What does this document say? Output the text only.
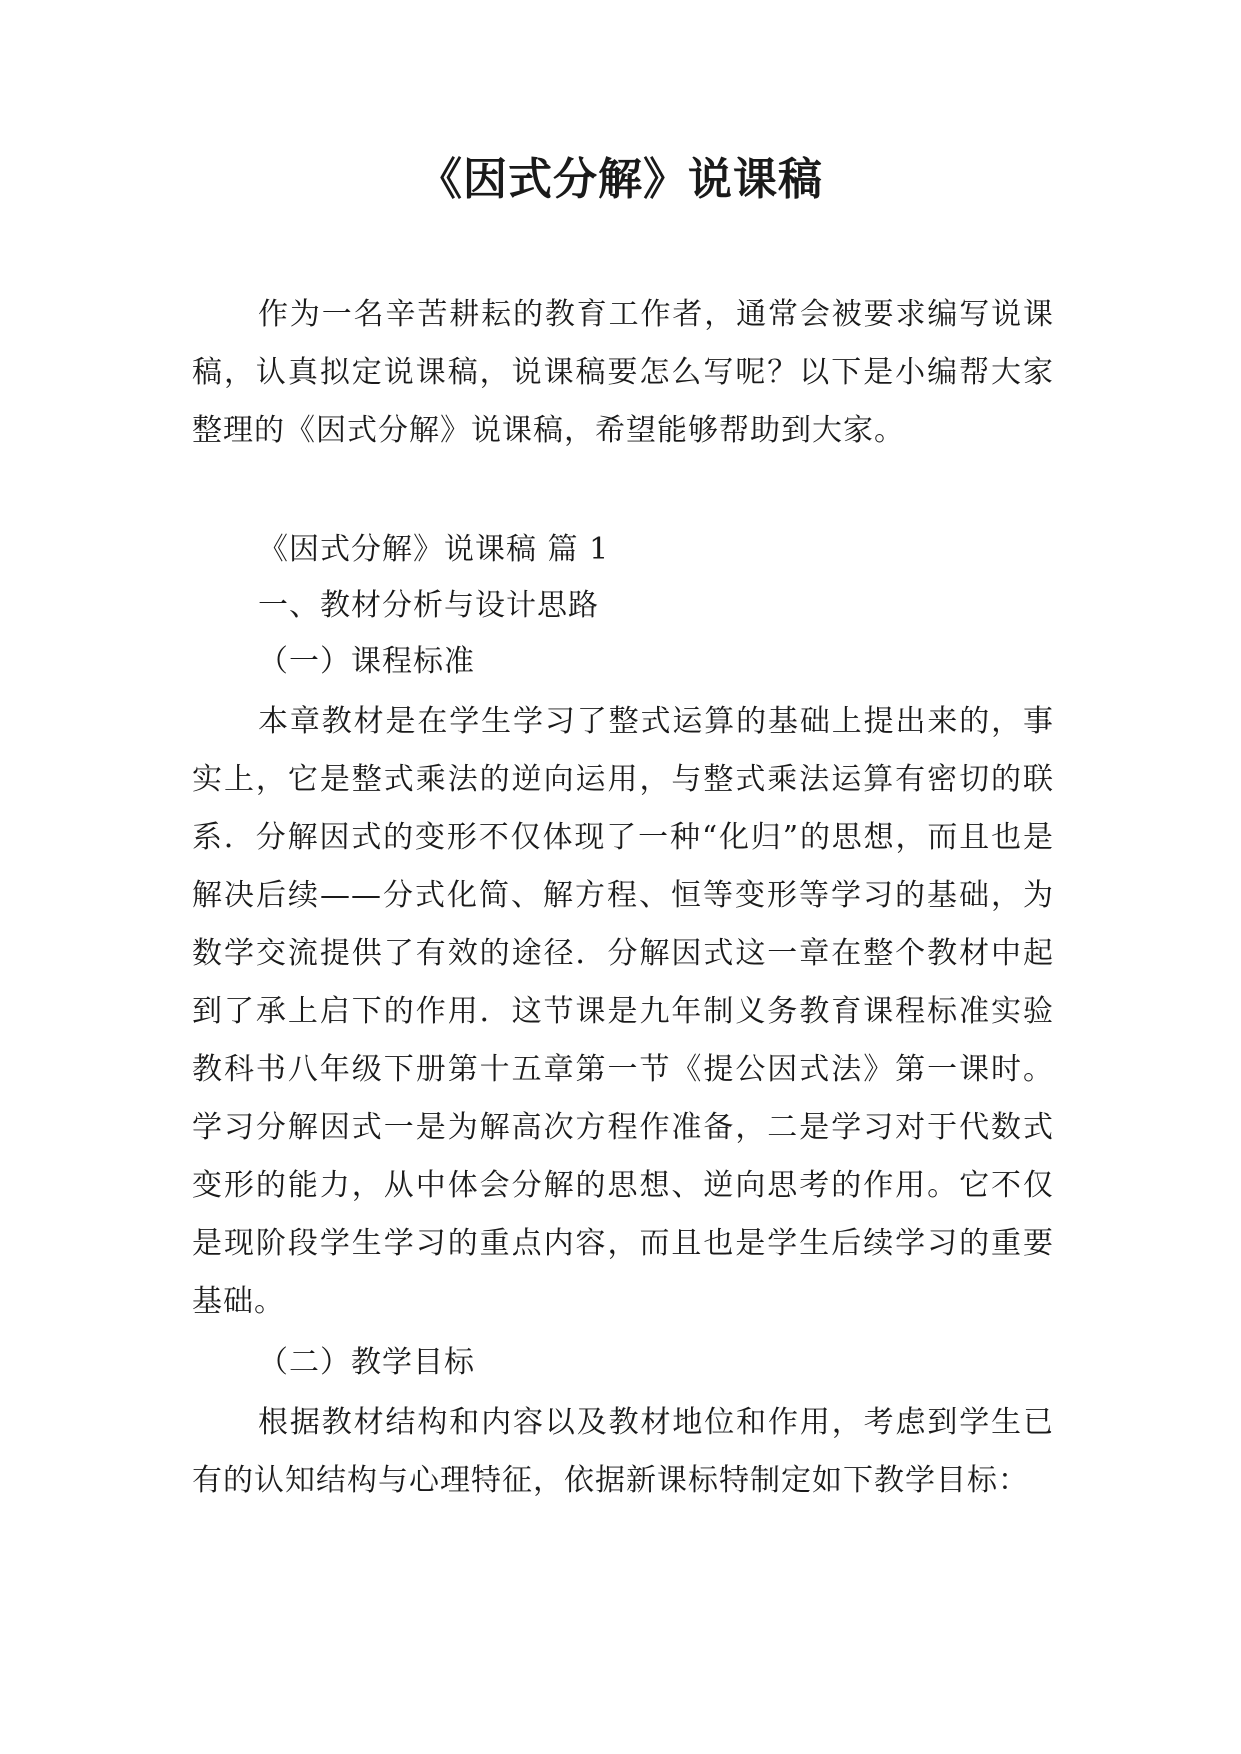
《因式分解》说课稿
作为一名辛苦耕耘的教育工作者，通常会被要求编写说课稿，认真拟定说课稿，说课稿要怎么写呢？以下是小编帮大家整理的《因式分解》说课稿，希望能够帮助到大家。
《因式分解》说课稿 篇 1
一、教材分析与设计思路
（一）课程标准
本章教材是在学生学习了整式运算的基础上提出来的，事实上，它是整式乘法的逆向运用，与整式乘法运算有密切的联系．分解因式的变形不仅体现了一种“化归”的思想，而且也是解决后续——分式化简、解方程、恒等变形等学习的基础，为数学交流提供了有效的途径．分解因式这一章在整个教材中起到了承上启下的作用．这节课是九年制义务教育课程标准实验教科书八年级下册第十五章第一节《提公因式法》第一课时。学习分解因式一是为解高次方程作准备，二是学习对于代数式变形的能力，从中体会分解的思想、逆向思考的作用。它不仅是现阶段学生学习的重点内容，而且也是学生后续学习的重要基础。
（二）教学目标
根据教材结构和内容以及教材地位和作用，考虑到学生已有的认知结构与心理特征，依据新课标特制定如下教学目标：
